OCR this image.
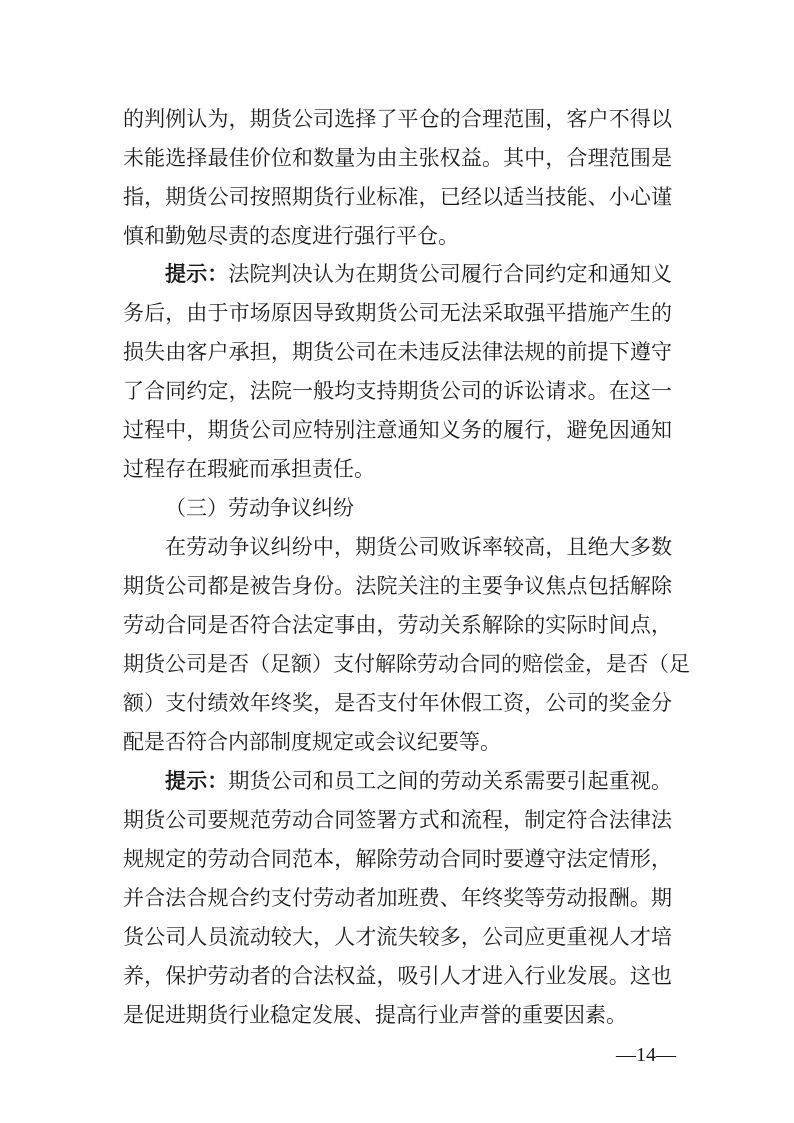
的判例认为，期货公司选择了平仓的合理范围，客户不得以
未能选择最佳价位和数量为由主张权益。其中，合理范围是
指，期货公司按照期货行业标准，已经以适当技能、小心谨
慎和勤勉尽责的态度进行强行平仓。
提示：法院判决认为在期货公司履行合同约定和通知义
务后，由于市场原因导致期货公司无法采取强平措施产生的
损失由客户承担，期货公司在未违反法律法规的前提下遵守
了合同约定，法院一般均支持期货公司的诉讼请求。在这一
过程中，期货公司应特别注意通知义务的履行，避免因通知
过程存在瑕疵而承担责任。
（三）劳动争议纠纷
在劳动争议纠纷中，期货公司败诉率较高，且绝大多数
期货公司都是被告身份。法院关注的主要争议焦点包括解除
劳动合同是否符合法定事由，劳动关系解除的实际时间点，
期货公司是否（足额）支付解除劳动合同的赔偿金，是否（足
额）支付绩效年终奖，是否支付年休假工资，公司的奖金分
配是否符合内部制度规定或会议纪要等。
提示：期货公司和员工之间的劳动关系需要引起重视。
期货公司要规范劳动合同签署方式和流程，制定符合法律法
规规定的劳动合同范本，解除劳动合同时要遵守法定情形，
并合法合规合约支付劳动者加班费、年终奖等劳动报酬。期
货公司人员流动较大，人才流失较多，公司应更重视人才培
养，保护劳动者的合法权益，吸引人才进入行业发展。这也
是促进期货行业稳定发展、提高行业声誉的重要因素。
—14—
